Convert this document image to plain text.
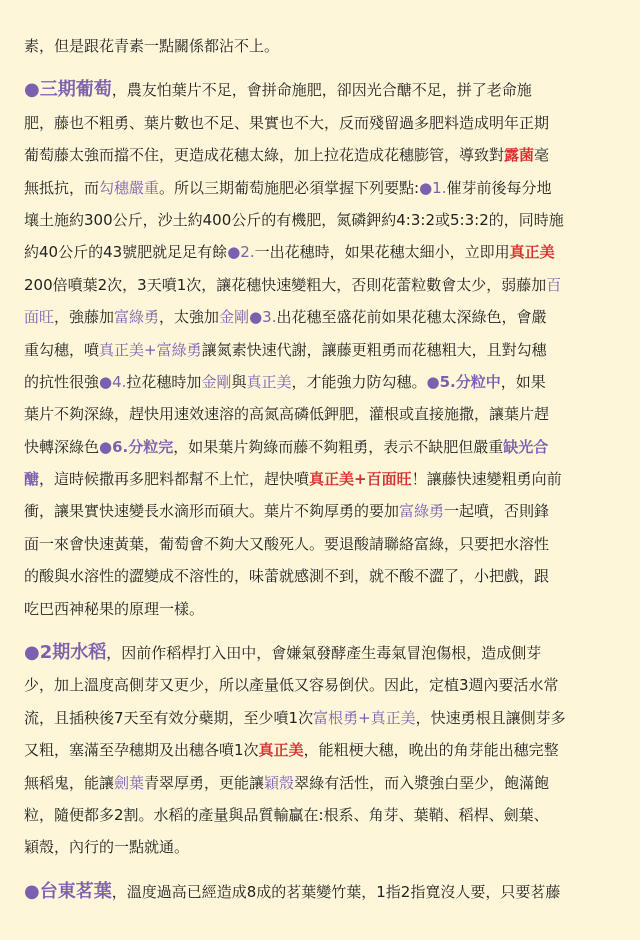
素，但是跟花青素一點關係都沾不上。
●三期葡萄，農友怕葉片不足，會拼命施肥，卻因光合醣不足，拼了老命施
肥，藤也不粗勇、葉片數也不足、果實也不大，反而殘留過多肥料造成明年正期
葡萄藤太強而擋不住，更造成花穗太綠，加上拉花造成花穗膨管，導致對露菌毫
無抵抗，而勾穗嚴重。所以三期葡萄施肥必須掌握下列要點:●1.催芽前後每分地
壤土施約300公斤，沙土約400公斤的有機肥，氮磷鉀約4:3:2或5:3:2的，同時施
約40公斤的43號肥就足足有餘●2.一出花穗時，如果花穗太細小，立即用真正美
200倍噴葉2次，3天噴1次，讓花穗快速變粗大，否則花蕾粒數會太少，弱藤加百
面旺，強藤加富綠勇，太強加金剛●3.出花穗至盛花前如果花穗太深綠色，會嚴
重勾穗，噴真正美+富綠勇讓氮素快速代謝，讓藤更粗勇而花穗粗大，且對勾穗
的抗性很強●4.拉花穗時加金剛與真正美，才能強力防勾穗。●5.分粒中，如果
葉片不夠深綠，趕快用速效速溶的高氮高磷低鉀肥，灌根或直接施撒，讓葉片趕
快轉深綠色●6.分粒完，如果葉片夠綠而藤不夠粗勇，表示不缺肥但嚴重缺光合
醣，這時候撒再多肥料都幫不上忙，趕快噴真正美+百面旺！讓藤快速變粗勇向前
衝，讓果實快速變長水滴形而碩大。葉片不夠厚勇的要加富綠勇一起噴，否則鋒
面一來會快速黃葉，葡萄會不夠大又酸死人。要退酸請聯絡富綠，只要把水溶性
的酸與水溶性的澀變成不溶性的，味蕾就感測不到，就不酸不澀了，小把戲，跟
吃巴西神秘果的原理一樣。
●2期水稻，因前作稻桿打入田中，會嫌氣發酵產生毒氣冒泡傷根，造成側芽
少，加上溫度高側芽又更少，所以產量低又容易倒伏。因此，定植3週內要活水常
流，且插秧後7天至有效分蘗期，至少噴1次富根勇+真正美，快速勇根且讓側芽多
又粗，塞滿至孕穗期及出穗各噴1次真正美，能粗梗大穗，晚出的角芽能出穗完整
無稻鬼，能讓劍葉青翠厚勇，更能讓穎殼翠綠有活性，而入漿強白堊少，飽滿飽
粒，隨便都多2割。水稻的產量與品質輸贏在:根系、角芽、葉鞘、稻桿、劍葉、
穎殼，內行的一點就通。
●台東茗葉，溫度過高已經造成8成的茗葉變竹葉，1指2指寬沒人要，只要茗藤
